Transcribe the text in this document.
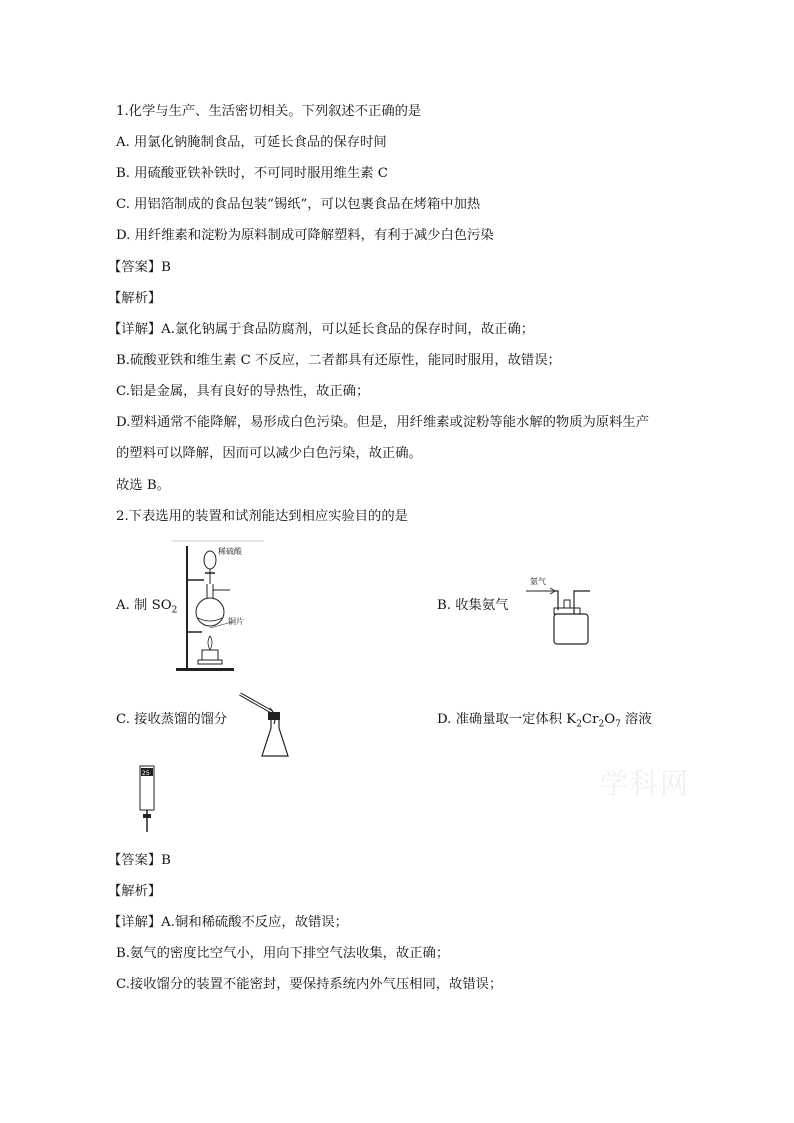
1.化学与生产、生活密切相关。下列叙述不正确的是
A. 用氯化钠腌制食品，可延长食品的保存时间
B. 用硫酸亚铁补铁时，不可同时服用维生素 C
C. 用铝箔制成的食品包装“锡纸”，可以包裹食品在烤箱中加热
D. 用纤维素和淀粉为原料制成可降解塑料，有利于减少白色污染
【答案】B
【解析】
【详解】A.氯化钠属于食品防腐剂，可以延长食品的保存时间，故正确；
B.硫酸亚铁和维生素 C 不反应，二者都具有还原性，能同时服用，故错误；
C.铝是金属，具有良好的导热性，故正确；
D.塑料通常不能降解，易形成白色污染。但是，用纤维素或淀粉等能水解的物质为原料生产
的塑料可以降解，因而可以减少白色污染，故正确。
故选 B。
2.下表选用的装置和试剂能达到相应实验目的的是
A. 制 $SO_2$	B. 收集氨气
C. 接收蒸馏的馏分	D. 准确量取一定体积 $K_2Cr_2O_7$ 溶液
稀硫酸
铜片
氨气
25	学科网
【答案】B
【解析】
【详解】A.铜和稀硫酸不反应，故错误；
B.氨气的密度比空气小，用向下排空气法收集，故正确；
C.接收馏分的装置不能密封，要保持系统内外气压相同，故错误；
